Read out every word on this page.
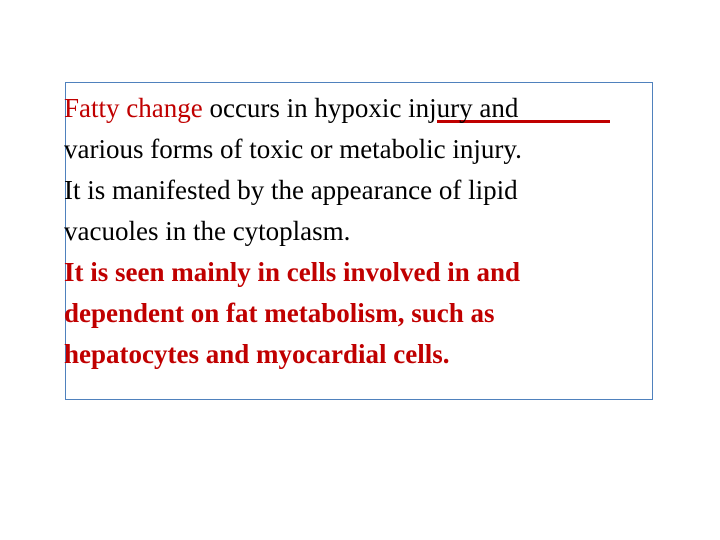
Fatty change occurs in hypoxic injury and
various forms of toxic or metabolic injury.
It is manifested by the appearance of lipid
vacuoles in the cytoplasm.
It is seen mainly in cells involved in and
dependent on fat metabolism, such as
hepatocytes and myocardial cells.
